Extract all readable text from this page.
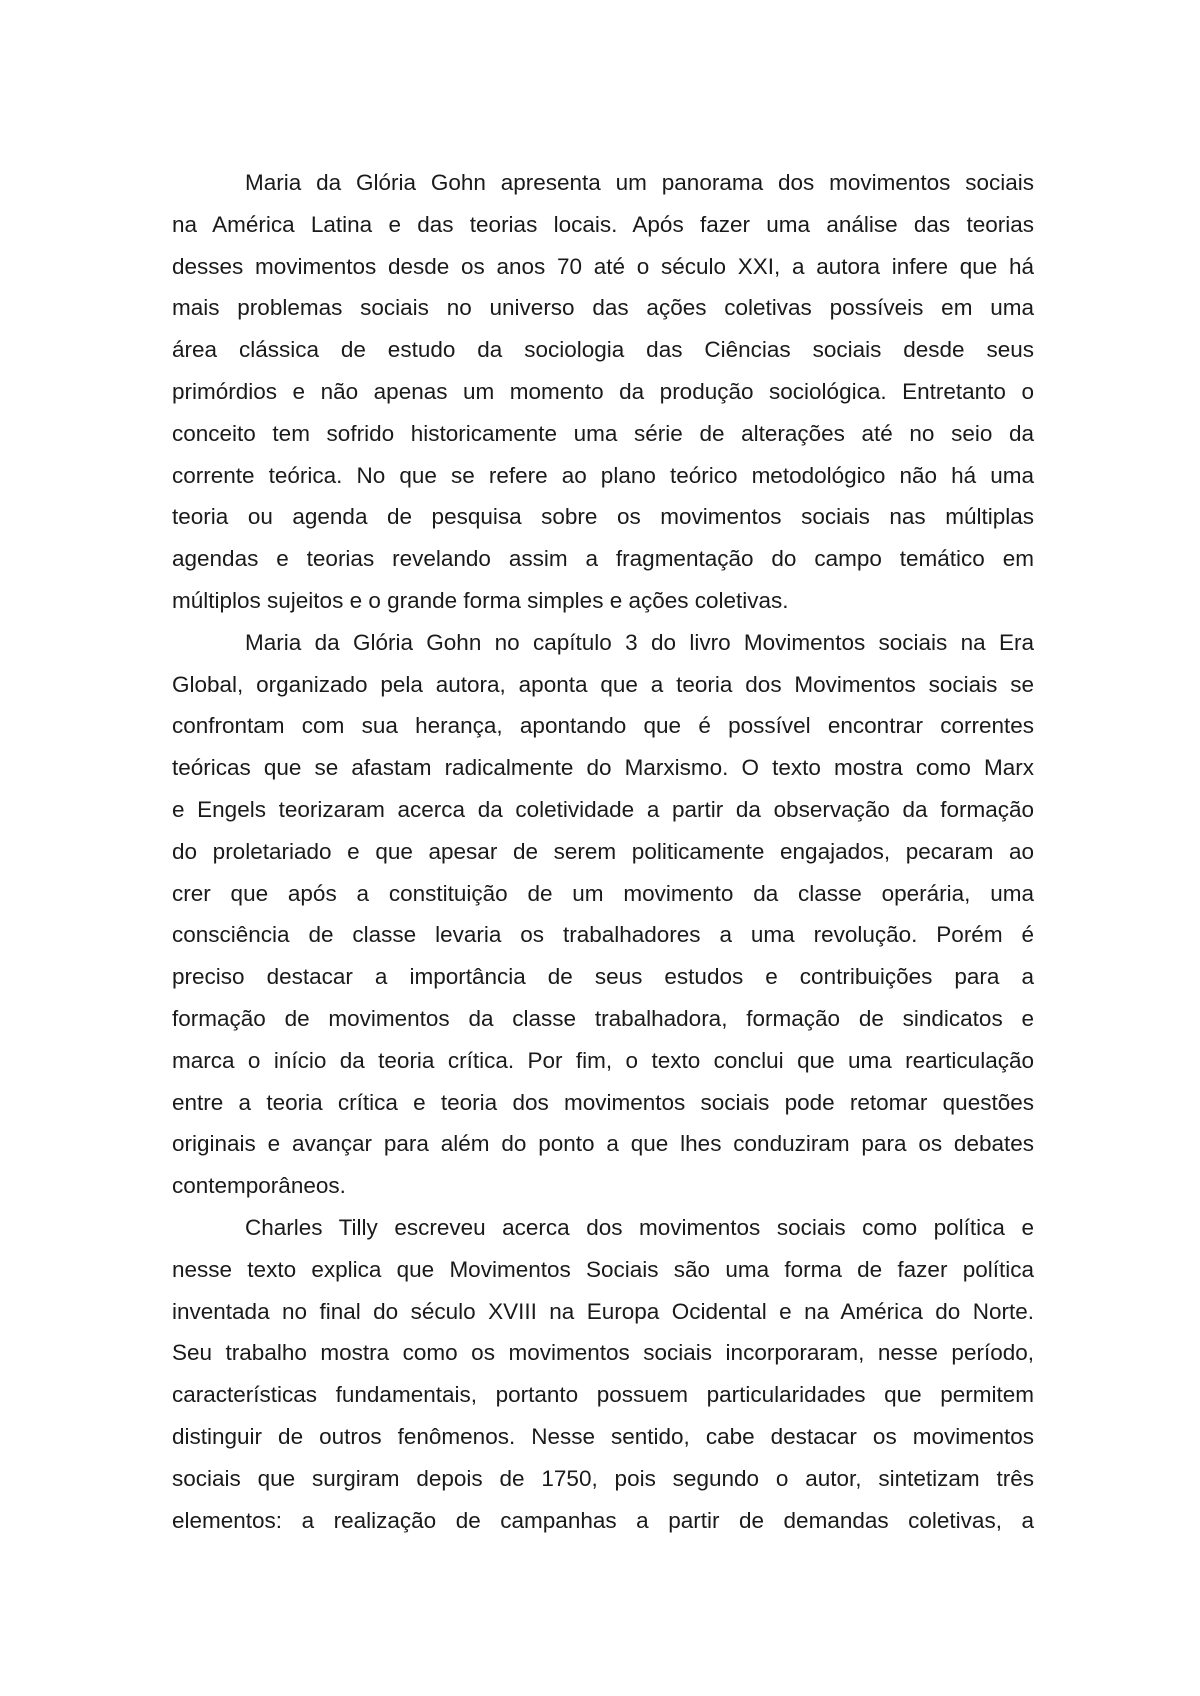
Maria da Glória Gohn apresenta um panorama dos movimentos sociais
na América Latina e das teorias locais. Após fazer uma análise das teorias
desses movimentos desde os anos 70 até o século XXI, a autora infere que há
mais problemas sociais no universo das ações coletivas possíveis em uma
área clássica de estudo da sociologia das Ciências sociais desde seus
primórdios e não apenas um momento da produção sociológica. Entretanto o
conceito tem sofrido historicamente uma série de alterações até no seio da
corrente teórica. No que se refere ao plano teórico metodológico não há uma
teoria ou agenda de pesquisa sobre os movimentos sociais nas múltiplas
agendas e teorias revelando assim a fragmentação do campo temático em
múltiplos sujeitos e o grande forma simples e ações coletivas.
Maria da Glória Gohn no capítulo 3 do livro Movimentos sociais na Era
Global, organizado pela autora, aponta que a teoria dos Movimentos sociais se
confrontam com sua herança, apontando que é possível encontrar correntes
teóricas que se afastam radicalmente do Marxismo. O texto mostra como Marx
e Engels teorizaram acerca da coletividade a partir da observação da formação
do proletariado e que apesar de serem politicamente engajados, pecaram ao
crer que após a constituição de um movimento da classe operária, uma
consciência de classe levaria os trabalhadores a uma revolução. Porém é
preciso destacar a importância de seus estudos e contribuições para a
formação de movimentos da classe trabalhadora, formação de sindicatos e
marca o início da teoria crítica. Por fim, o texto conclui que uma rearticulação
entre a teoria crítica e teoria dos movimentos sociais pode retomar questões
originais e avançar para além do ponto a que lhes conduziram para os debates
contemporâneos.
Charles Tilly escreveu acerca dos movimentos sociais como política e
nesse texto explica que Movimentos Sociais são uma forma de fazer política
inventada no final do século XVIII na Europa Ocidental e na América do Norte.
Seu trabalho mostra como os movimentos sociais incorporaram, nesse período,
características fundamentais, portanto possuem particularidades que permitem
distinguir de outros fenômenos. Nesse sentido, cabe destacar os movimentos
sociais que surgiram depois de 1750, pois segundo o autor, sintetizam três
elementos: a realização de campanhas a partir de demandas coletivas, a
